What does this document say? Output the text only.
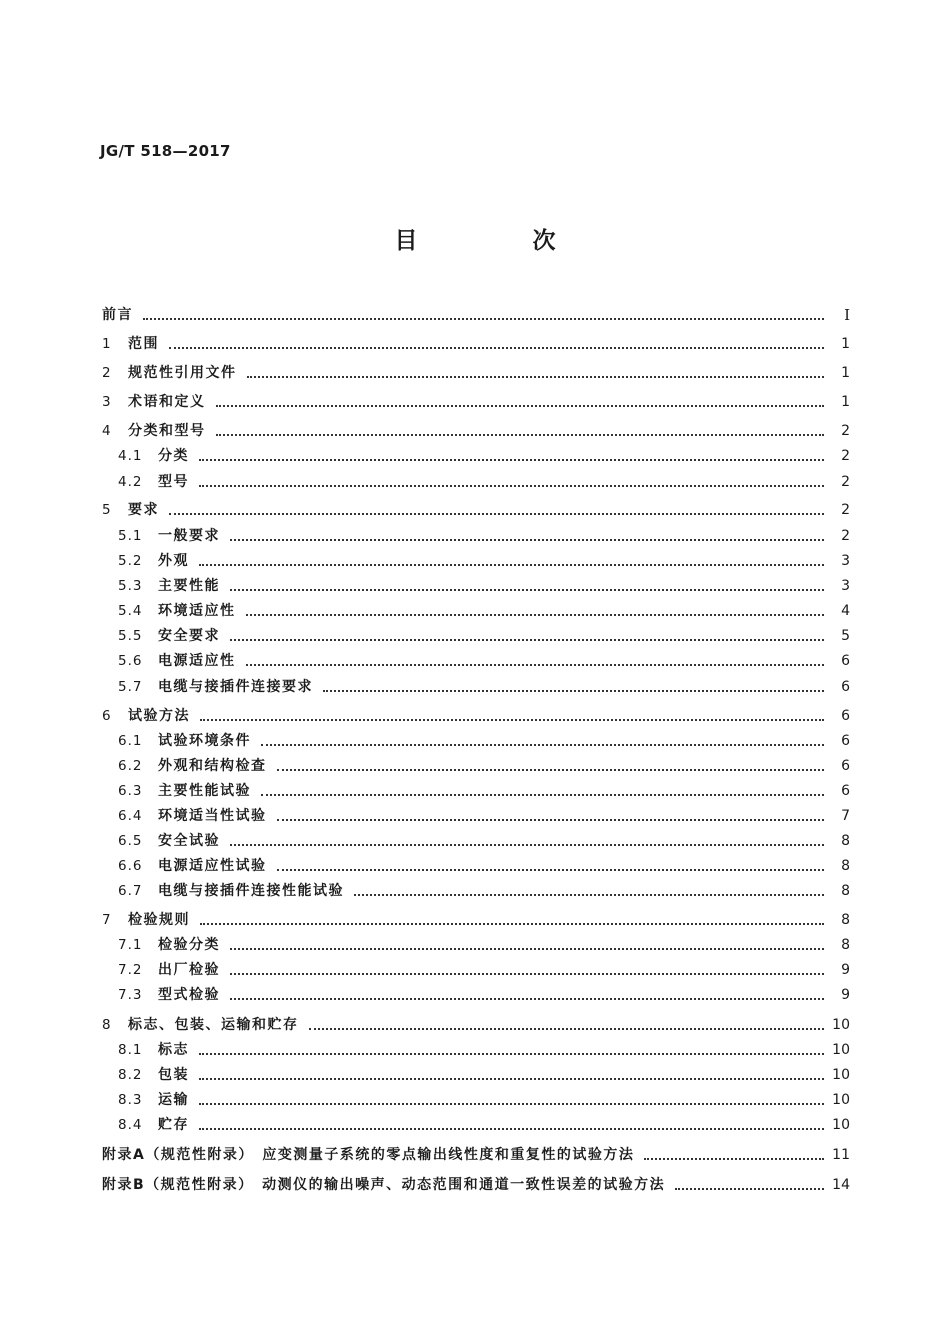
JG/T 518—2017
目　次
前言	Ⅰ
1 范围	1
2 规范性引用文件	1
3 术语和定义	1
4 分类和型号	2
4.1 分类	2
4.2 型号	2
5 要求	2
5.1 一般要求	2
5.2 外观	3
5.3 主要性能	3
5.4 环境适应性	4
5.5 安全要求	5
5.6 电源适应性	6
5.7 电缆与接插件连接要求	6
6 试验方法	6
6.1 试验环境条件	6
6.2 外观和结构检查	6
6.3 主要性能试验	6
6.4 环境适当性试验	7
6.5 安全试验	8
6.6 电源适应性试验	8
6.7 电缆与接插件连接性能试验	8
7 检验规则	8
7.1 检验分类	8
7.2 出厂检验	9
7.3 型式检验	9
8 标志、包装、运输和贮存	10
8.1 标志	10
8.2 包装	10
8.3 运输	10
8.4 贮存	10
附录A（规范性附录）　应变测量子系统的零点输出线性度和重复性的试验方法	11
附录B（规范性附录）　动测仪的输出噪声、动态范围和通道一致性误差的试验方法	14
